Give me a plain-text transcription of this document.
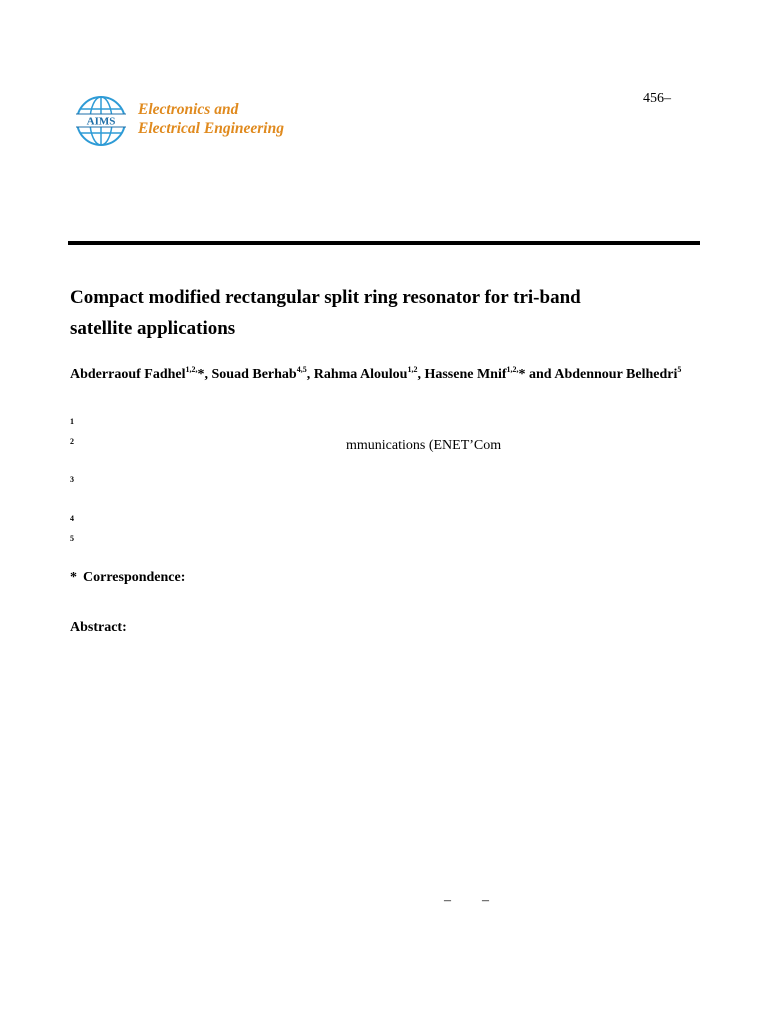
AIMS
Electronics and
Electrical Engineering
456–
Compact modified rectangular split ring resonator for tri-band
satellite applications
Abderraouf Fadhel$^{1,2,}$*, Souad Berhab$^{4,5}$, Rahma Aloulou$^{1,2}$, Hassene Mnif$^{1,2,}$* and Abdennour Belhedri$^5$
1
2	mmunications (ENET’Com
3
4
5
* Correspondence:
Abstract:
– –
